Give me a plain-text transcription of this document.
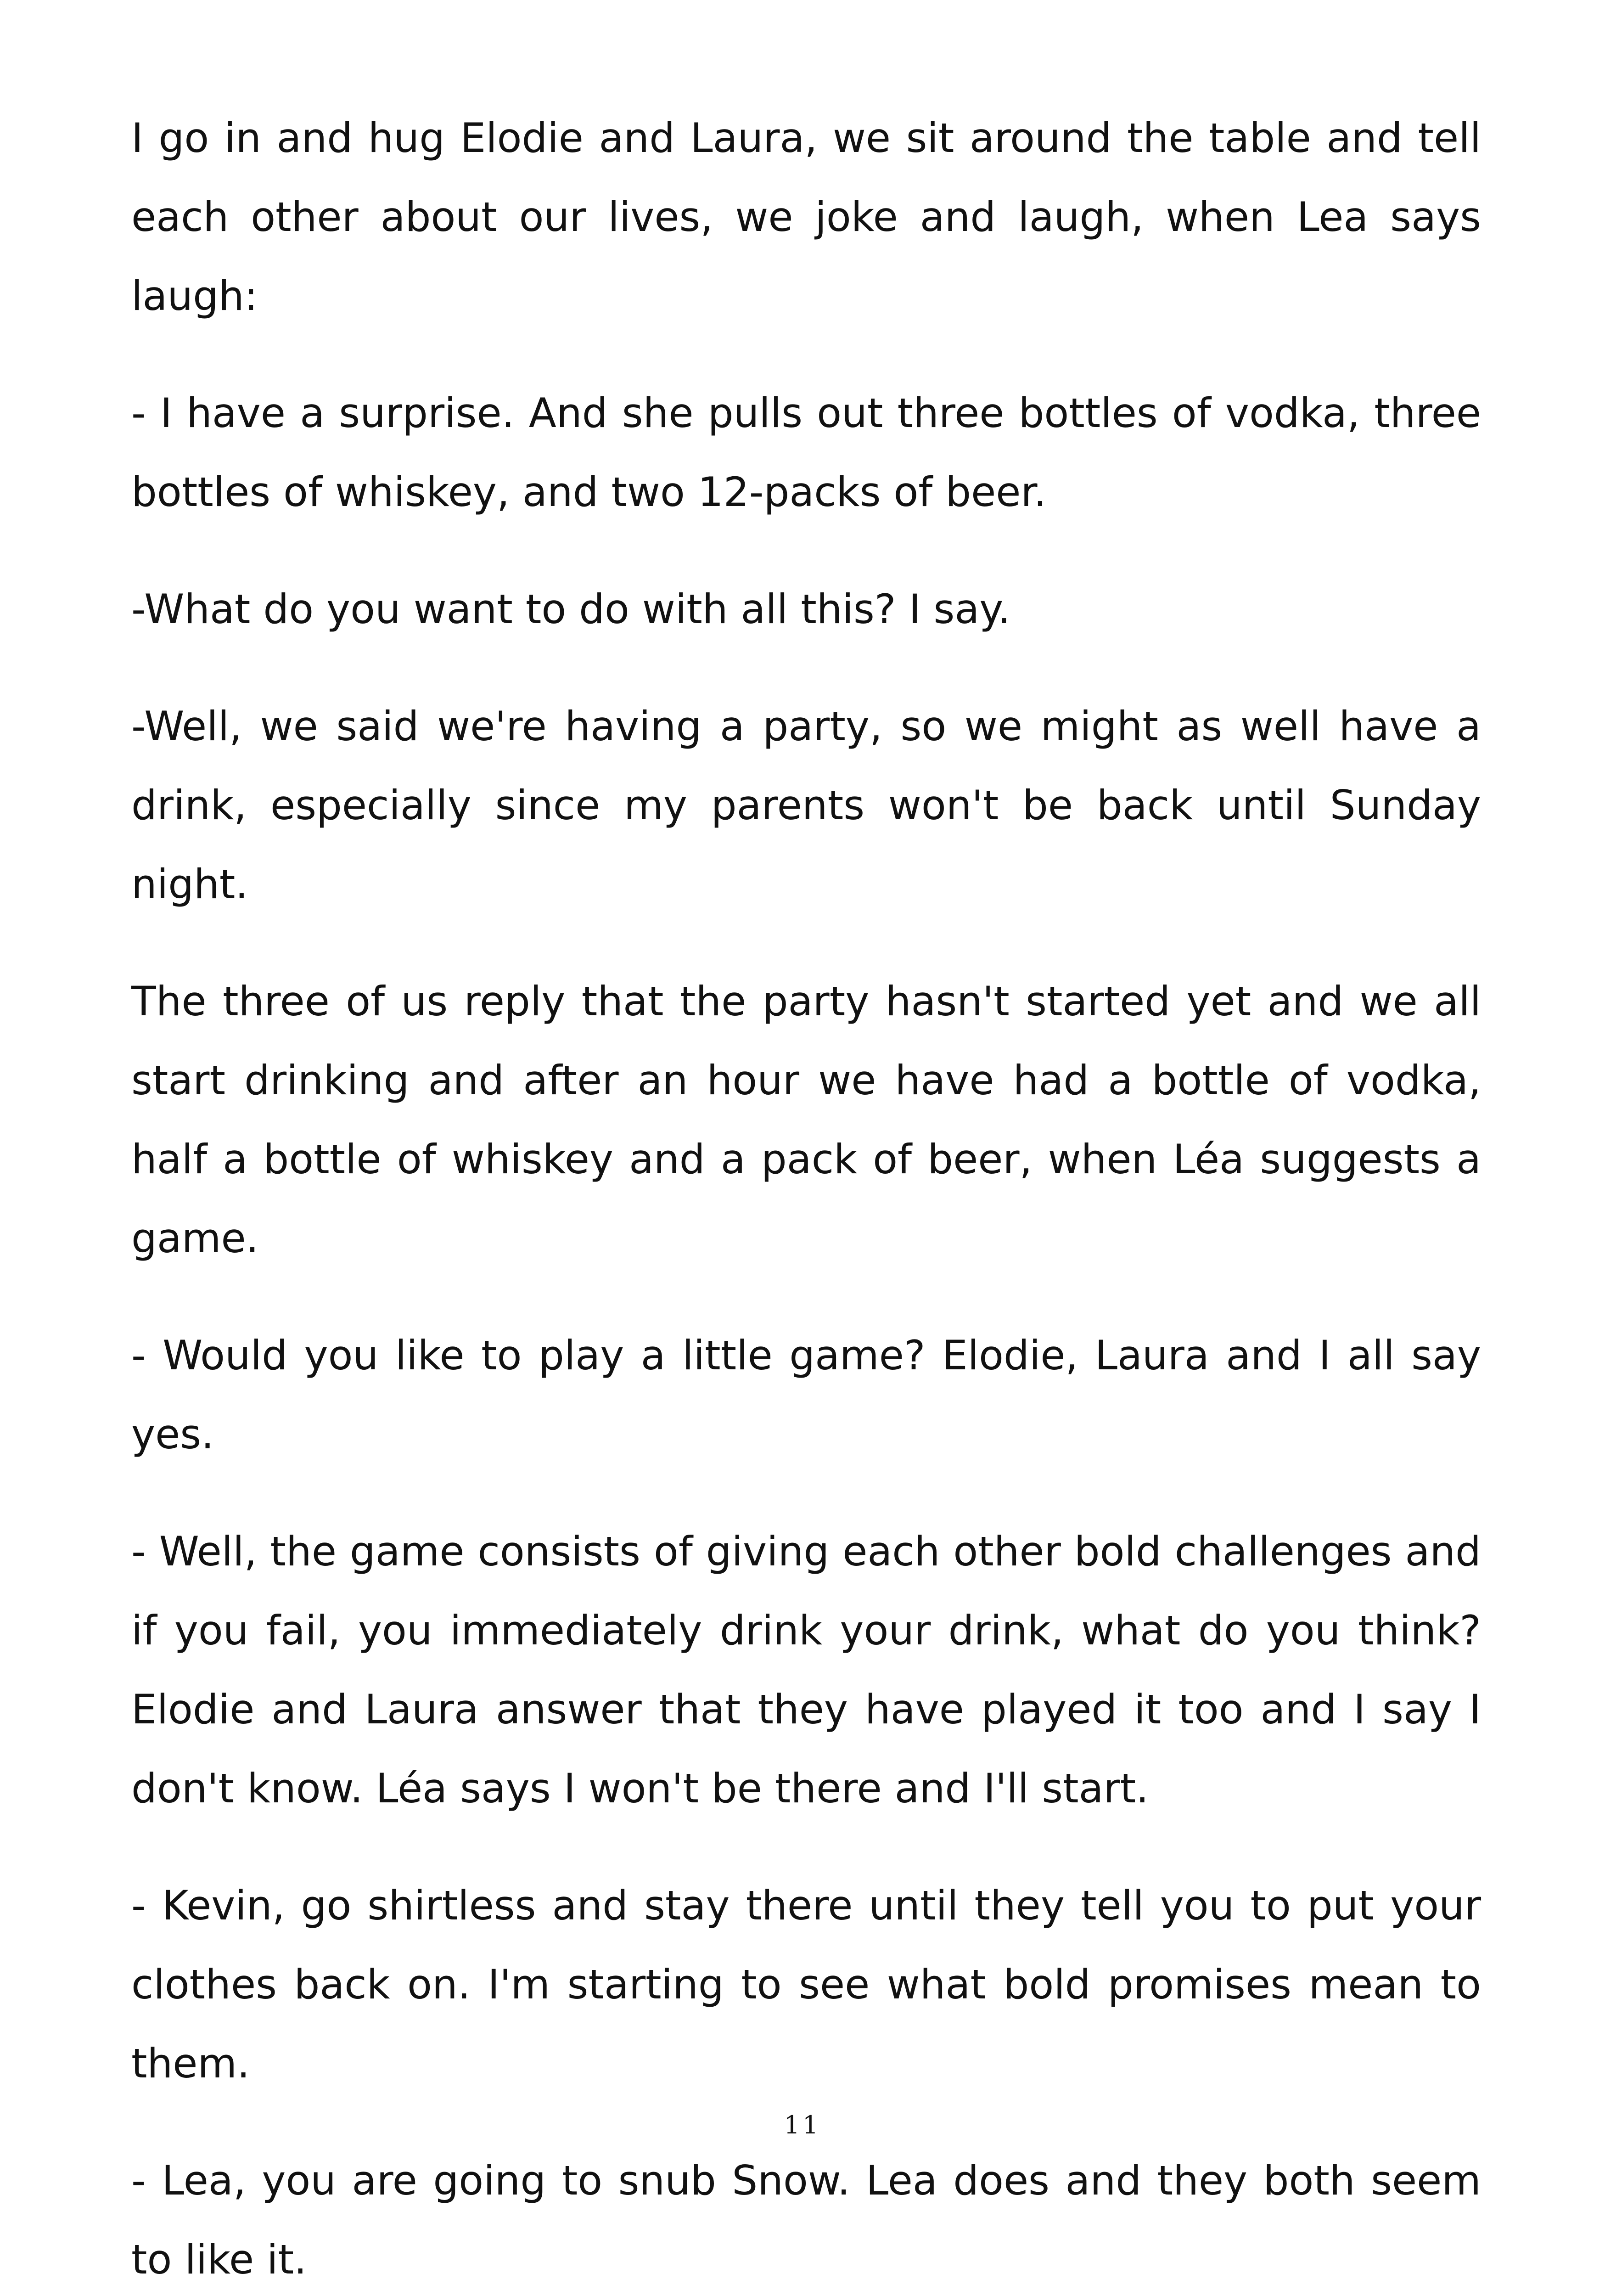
I go in and hug Elodie and Laura, we sit around the table and tell each other about our lives, we joke and laugh, when Lea says laugh:

- I have a surprise. And she pulls out three bottles of vodka, three bottles of whiskey, and two 12-packs of beer.

-What do you want to do with all this? I say.

-Well, we said we're having a party, so we might as well have a drink, especially since my parents won't be back until Sunday night.

The three of us reply that the party hasn't started yet and we all start drinking and after an hour we have had a bottle of vodka, half a bottle of whiskey and a pack of beer, when Léa suggests a game.

- Would you like to play a little game? Elodie, Laura and I all say yes.

- Well, the game consists of giving each other bold challenges and if you fail, you immediately drink your drink, what do you think? Elodie and Laura answer that they have played it too and I say I don't know. Léa says I won't be there and I'll start.

- Kevin, go shirtless and stay there until they tell you to put your clothes back on. I'm starting to see what bold promises mean to them.

- Lea, you are going to snub Snow. Lea does and they both seem to like it.

11
